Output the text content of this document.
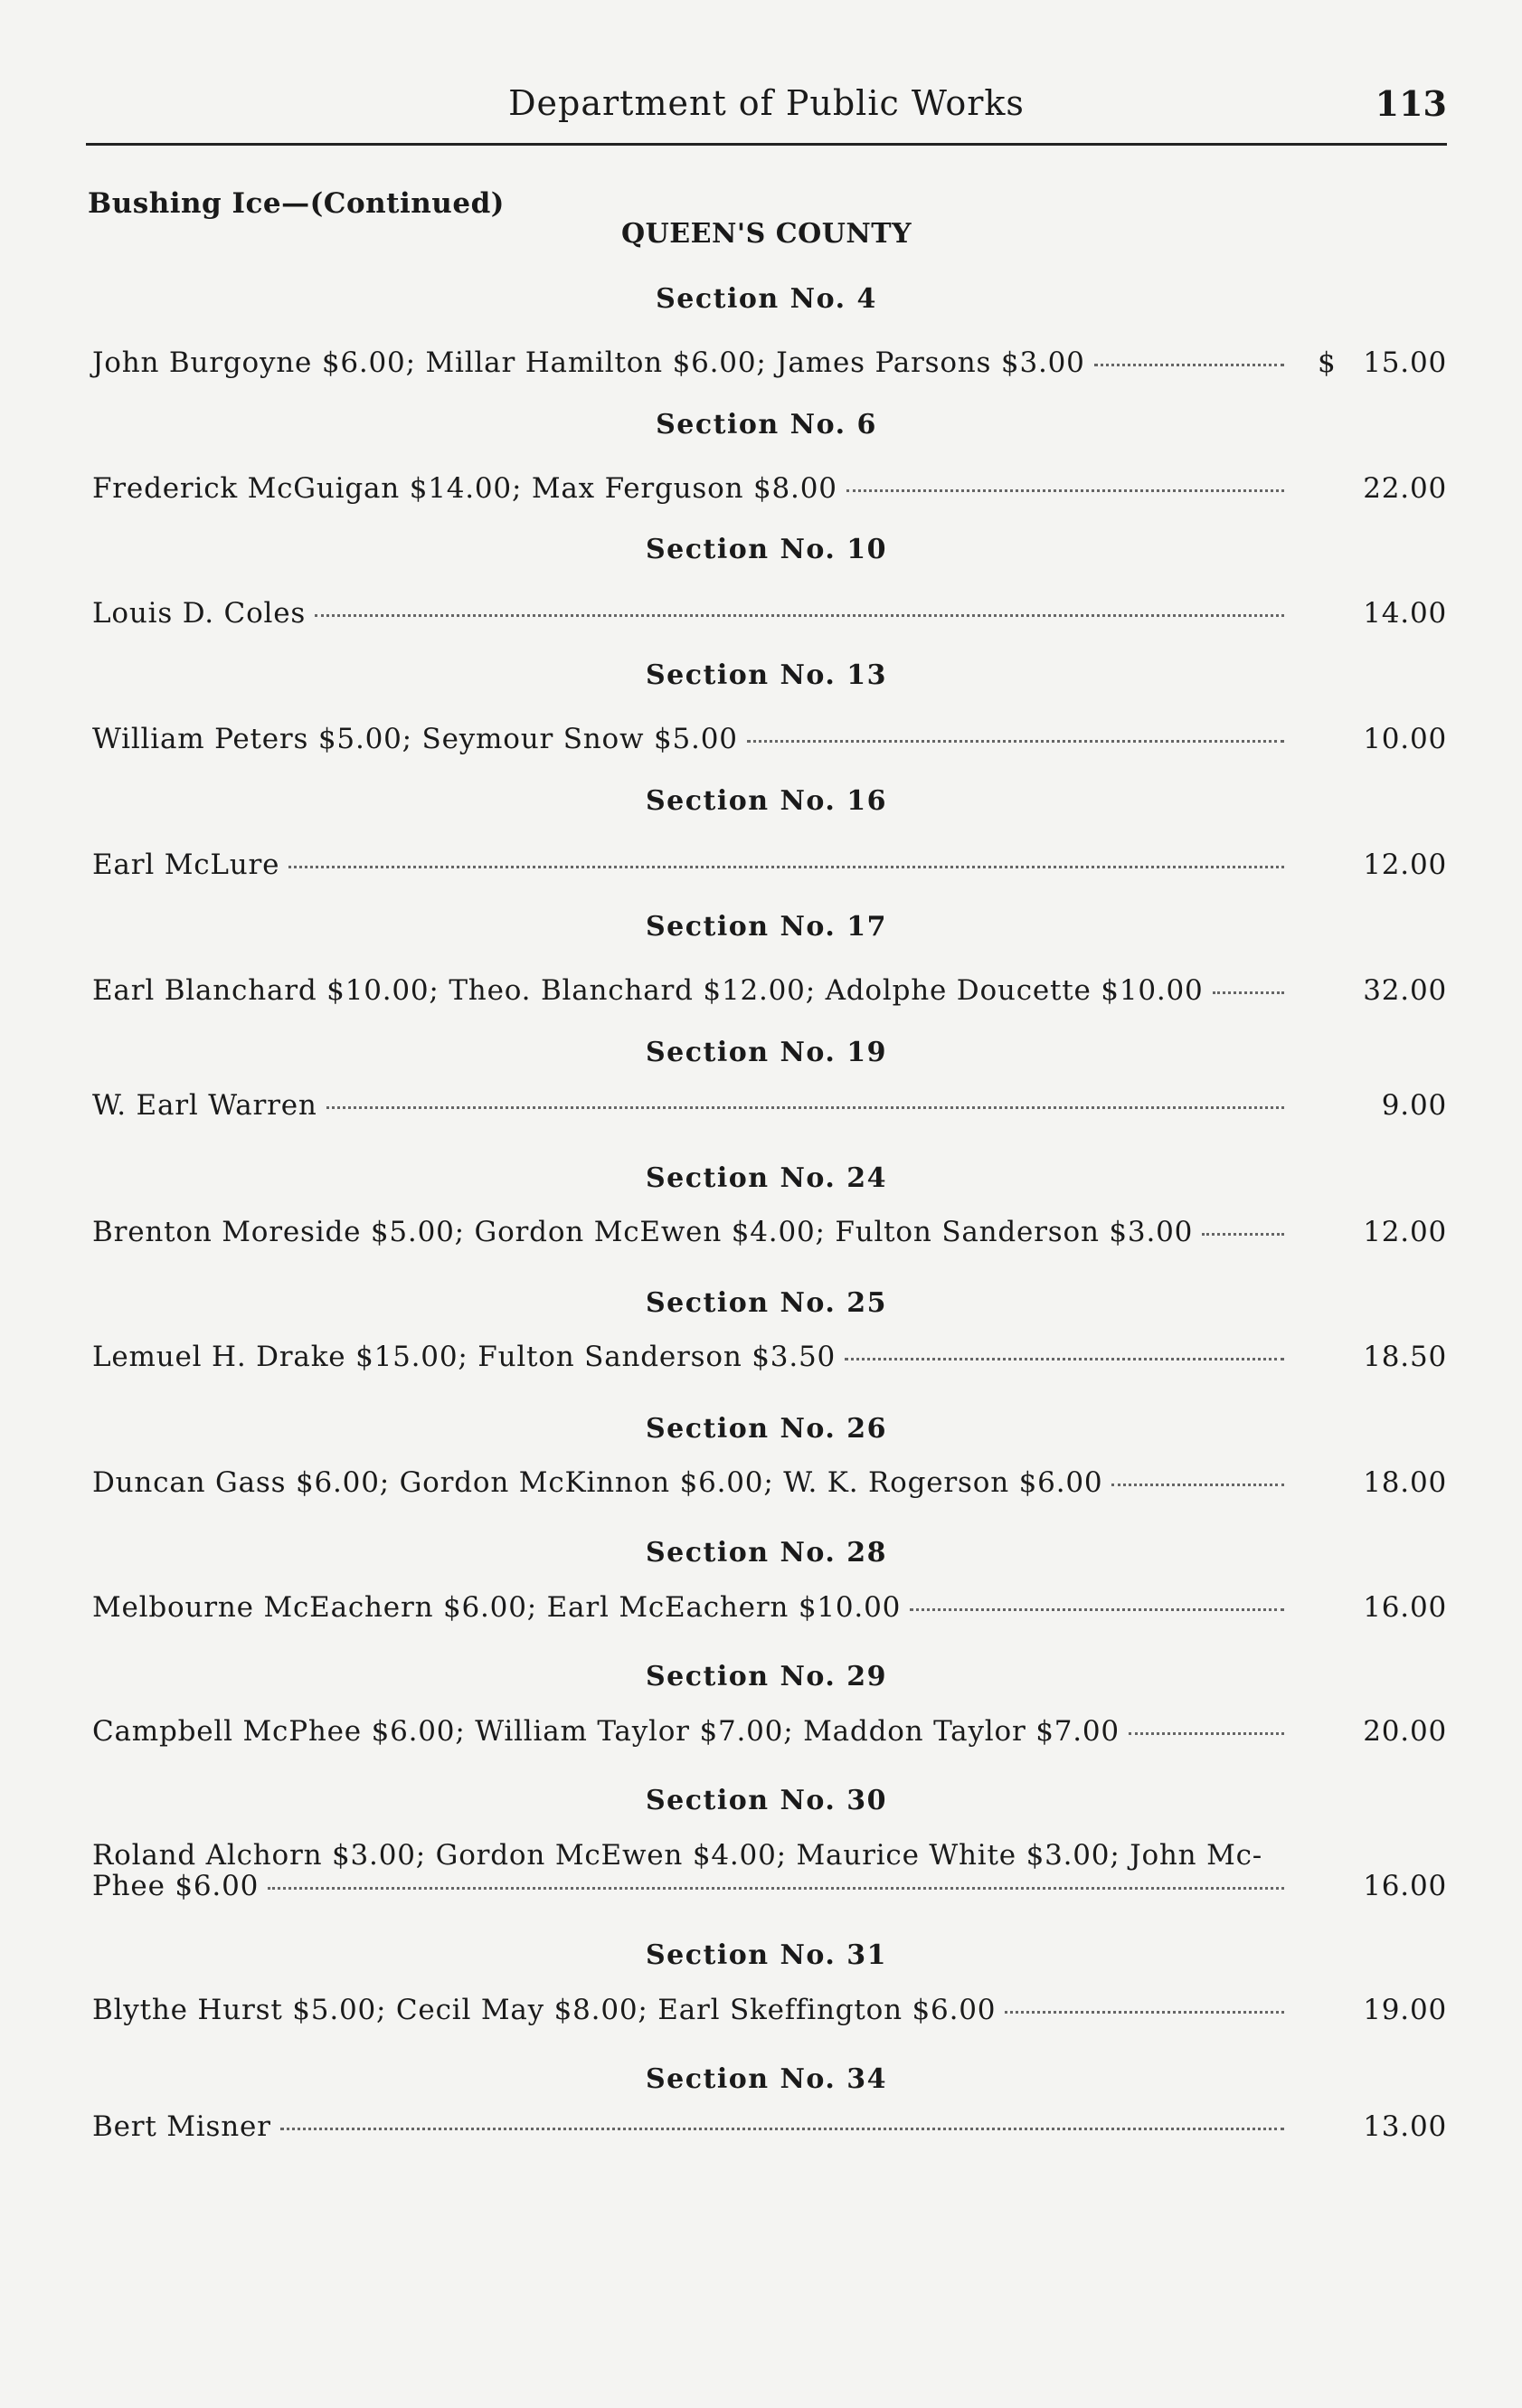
Department of Public Works	113
Bushing Ice—(Continued)
QUEEN'S COUNTY
Section No. 4
John Burgoyne $6.00; Millar Hamilton $6.00; James Parsons $3.00	$ 15.00
Section No. 6
Frederick McGuigan $14.00; Max Ferguson $8.00	22.00
Section No. 10
Louis D. Coles	14.00
Section No. 13
William Peters $5.00; Seymour Snow $5.00	10.00
Section No. 16
Earl McLure	12.00
Section No. 17
Earl Blanchard $10.00; Theo. Blanchard $12.00; Adolphe Doucette $10.00	32.00
Section No. 19
W. Earl Warren	9.00
Section No. 24
Brenton Moreside $5.00; Gordon McEwen $4.00; Fulton Sanderson $3.00	12.00
Section No. 25
Lemuel H. Drake $15.00; Fulton Sanderson $3.50	18.50
Section No. 26
Duncan Gass $6.00; Gordon McKinnon $6.00; W. K. Rogerson $6.00	18.00
Section No. 28
Melbourne McEachern $6.00; Earl McEachern $10.00	16.00
Section No. 29
Campbell McPhee $6.00; William Taylor $7.00; Maddon Taylor $7.00	20.00
Section No. 30
Roland Alchorn $3.00; Gordon McEwen $4.00; Maurice White $3.00; John Mc-
Phee $6.00	16.00
Section No. 31
Blythe Hurst $5.00; Cecil May $8.00; Earl Skeffington $6.00	19.00
Section No. 34
Bert Misner	13.00
